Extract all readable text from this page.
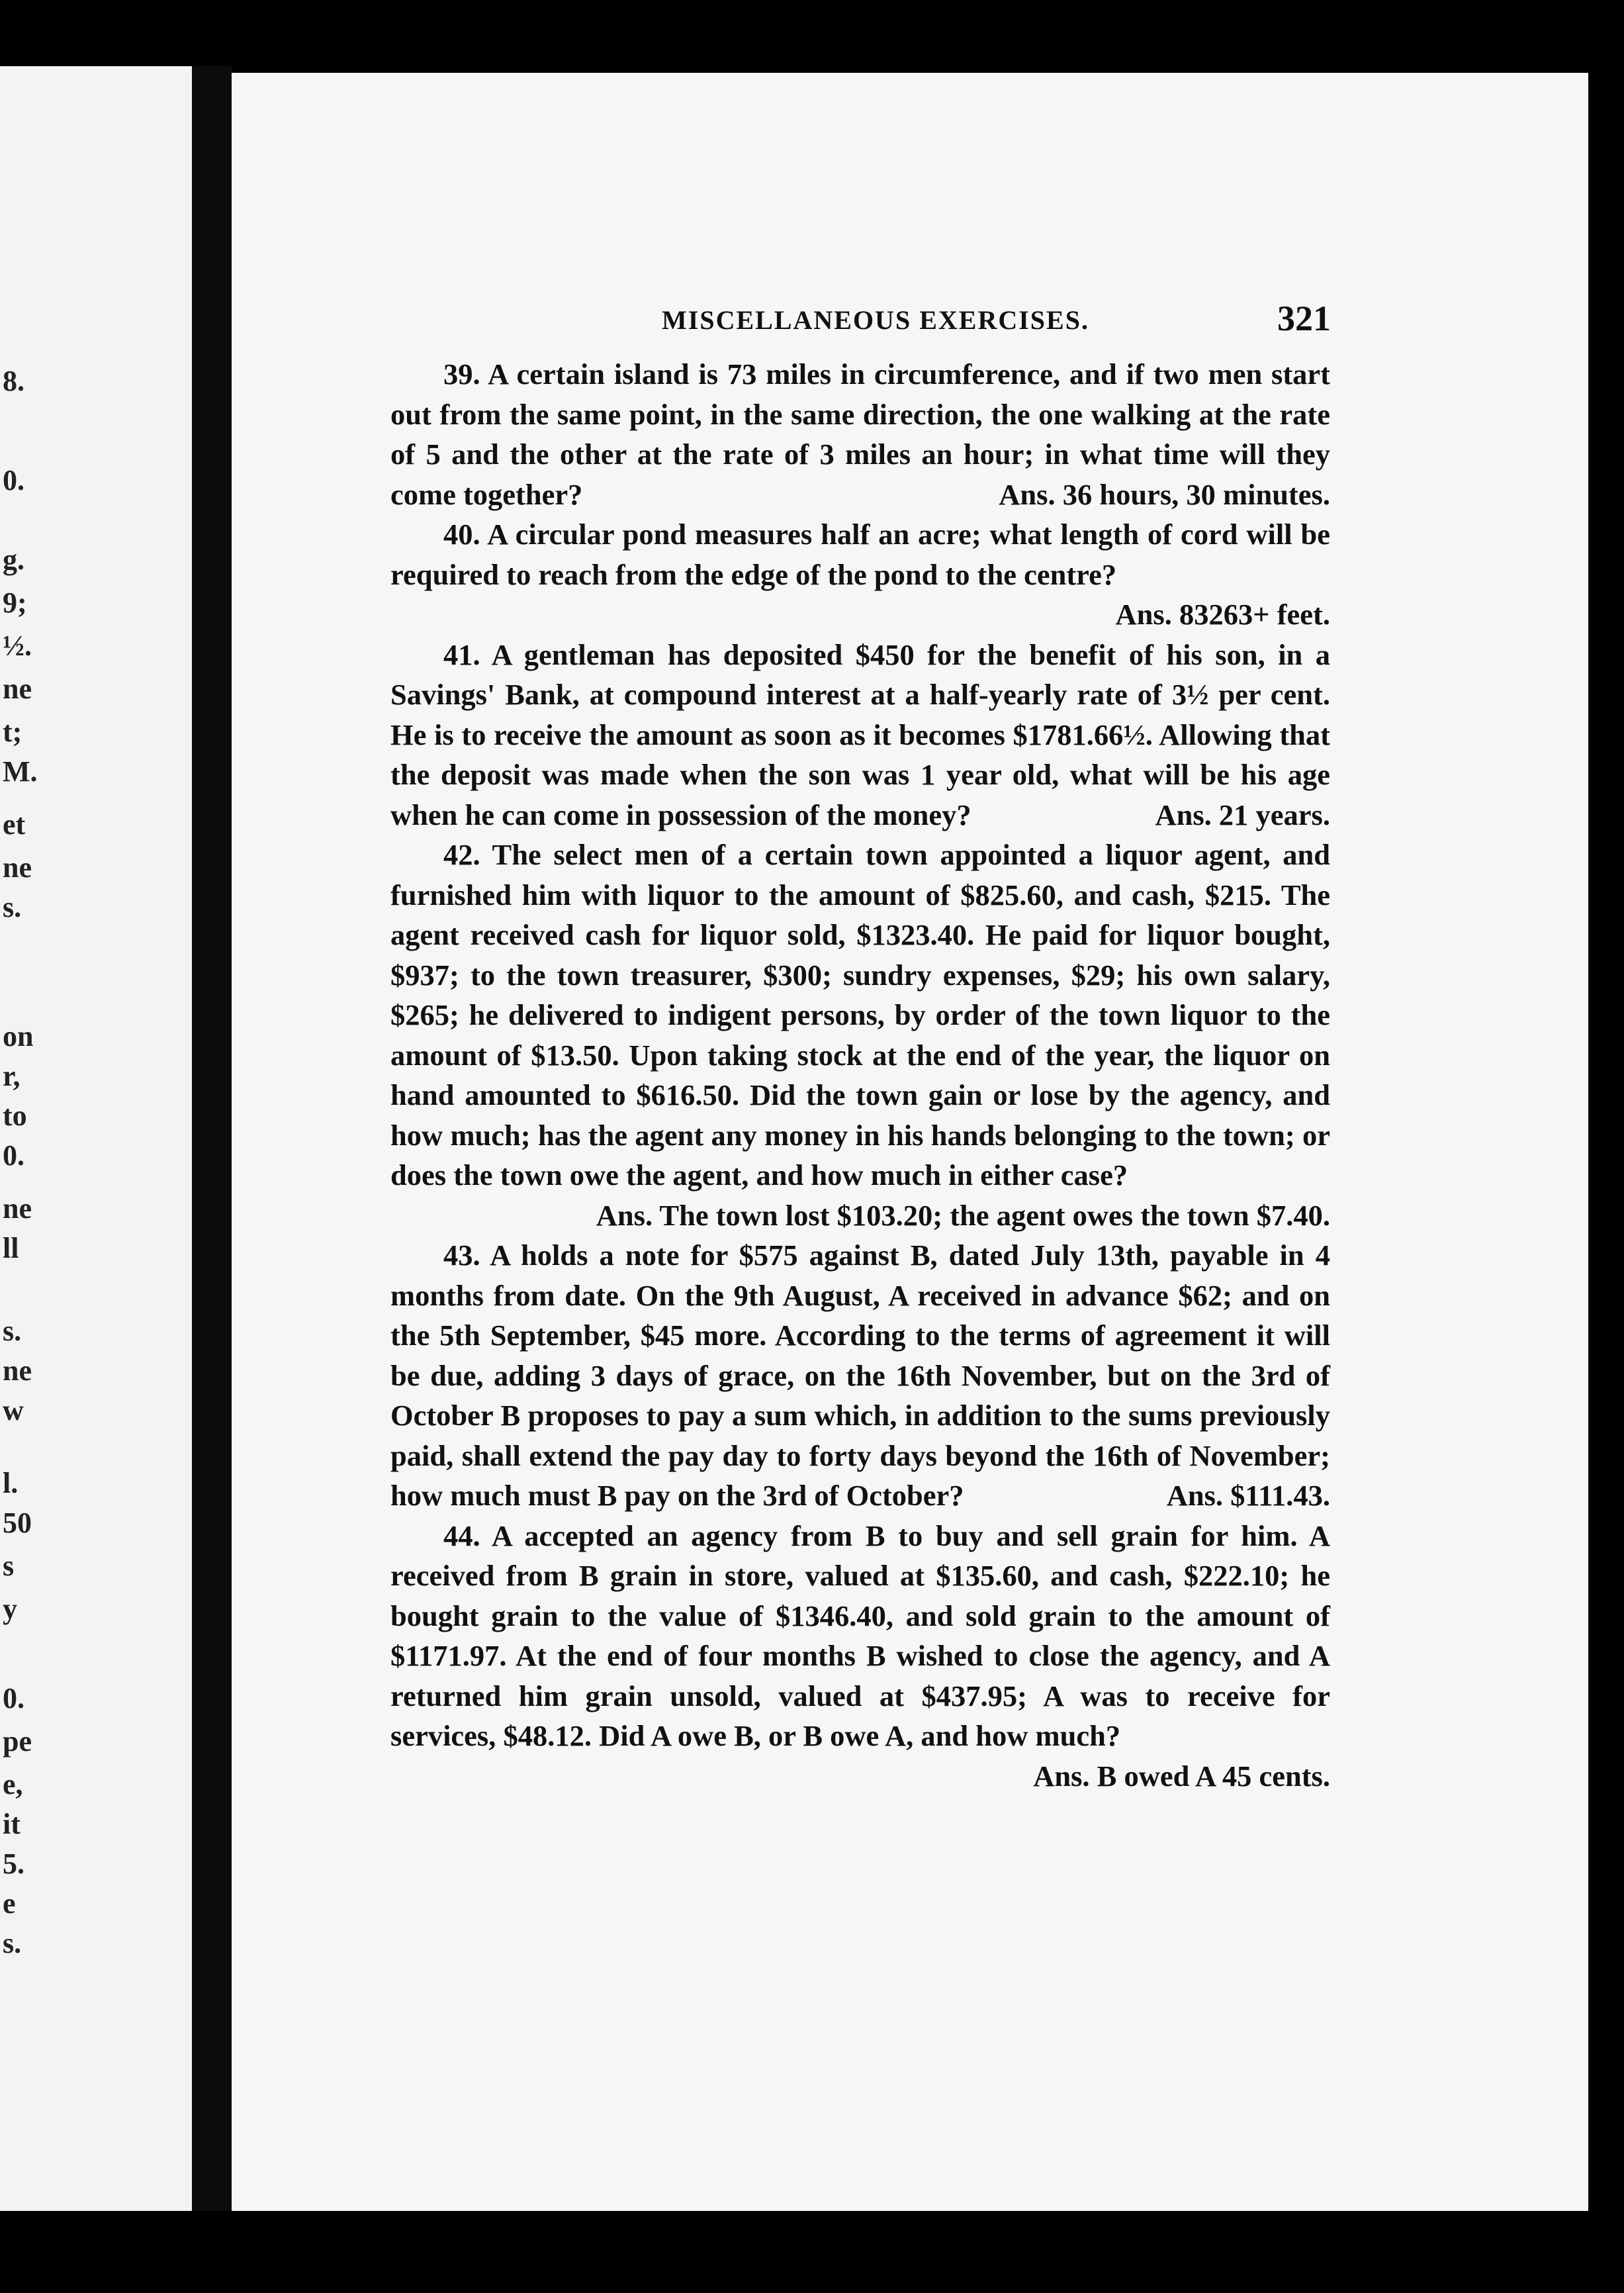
8.
0.
g.
9;
½.
ne
t;
M.
et
ne
s.
on
r,
to
0.
ne
ll
s.
ne
w
l.
50
s
y
0.
pe
e,
it
5.
e
s.
MISCELLANEOUS EXERCISES.	321

39. A certain island is 73 miles in circumference, and if two men start out from the same point, in the same direction, the one walking at the rate of 5 and the other at the rate of 3 miles an hour; in what time will they come together?	Ans. 36 hours, 30 minutes.

40. A circular pond measures half an acre; what length of cord will be required to reach from the edge of the pond to the centre?

Ans. 83263+ feet.

41. A gentleman has deposited $450 for the benefit of his son, in a Savings' Bank, at compound interest at a half-yearly rate of 3½ per cent. He is to receive the amount as soon as it becomes $1781.66½. Allowing that the deposit was made when the son was 1 year old, what will be his age when he can come in possession of the money?	Ans. 21 years.

42. The select men of a certain town appointed a liquor agent, and furnished him with liquor to the amount of $825.60, and cash, $215. The agent received cash for liquor sold, $1323.40. He paid for liquor bought, $937; to the town treasurer, $300; sundry expenses, $29; his own salary, $265; he delivered to indigent persons, by order of the town liquor to the amount of $13.50. Upon taking stock at the end of the year, the liquor on hand amounted to $616.50. Did the town gain or lose by the agency, and how much; has the agent any money in his hands belonging to the town; or does the town owe the agent, and how much in either case?

Ans. The town lost $103.20; the agent owes the town $7.40.

43. A holds a note for $575 against B, dated July 13th, payable in 4 months from date. On the 9th August, A received in advance $62; and on the 5th September, $45 more. According to the terms of agreement it will be due, adding 3 days of grace, on the 16th November, but on the 3rd of October B proposes to pay a sum which, in addition to the sums previously paid, shall extend the pay day to forty days beyond the 16th of November; how much must B pay on the 3rd of October?	Ans. $111.43.

44. A accepted an agency from B to buy and sell grain for him. A received from B grain in store, valued at $135.60, and cash, $222.10; he bought grain to the value of $1346.40, and sold grain to the amount of $1171.97. At the end of four months B wished to close the agency, and A returned him grain unsold, valued at $437.95; A was to receive for services, $48.12. Did A owe B, or B owe A, and how much?
Ans. B owed A 45 cents.
